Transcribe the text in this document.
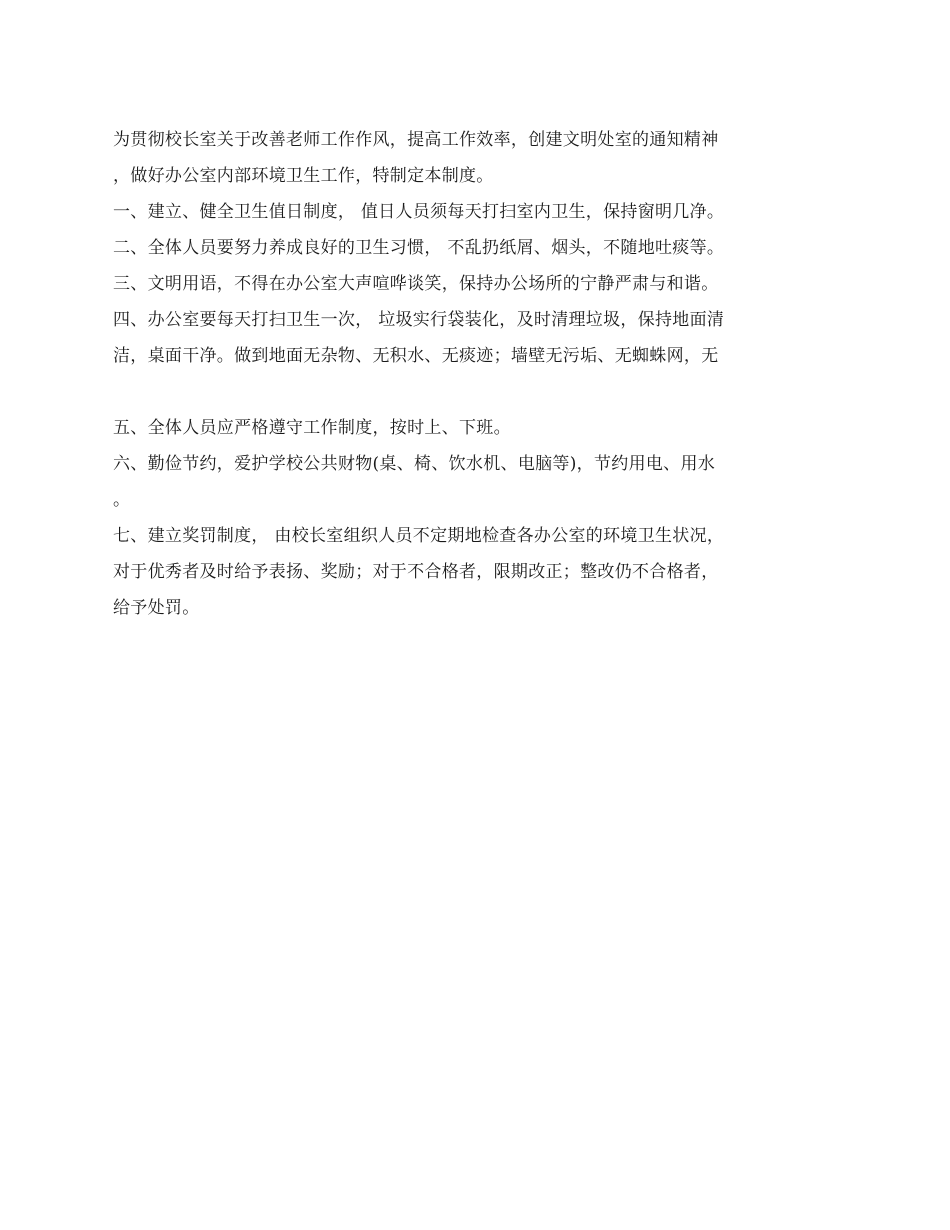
为贯彻校长室关于改善老师工作作风，提高工作效率，创建文明处室的通知精神
，做好办公室内部环境卫生工作，特制定本制度。
一、建立、健全卫生值日制度， 值日人员须每天打扫室内卫生，保持窗明几净。
二、全体人员要努力养成良好的卫生习惯， 不乱扔纸屑、烟头，不随地吐痰等。
三、文明用语，不得在办公室大声喧哗谈笑，保持办公场所的宁静严肃与和谐。
四、办公室要每天打扫卫生一次， 垃圾实行袋装化，及时清理垃圾，保持地面清
洁，桌面干净。做到地面无杂物、无积水、无痰迹；墙壁无污垢、无蜘蛛网，无
五、全体人员应严格遵守工作制度，按时上、下班。
六、勤俭节约，爱护学校公共财物(桌、椅、饮水机、电脑等)，节约用电、用水
。
七、建立奖罚制度， 由校长室组织人员不定期地检查各办公室的环境卫生状况，
对于优秀者及时给予表扬、奖励；对于不合格者，限期改正；整改仍不合格者，
给予处罚。
